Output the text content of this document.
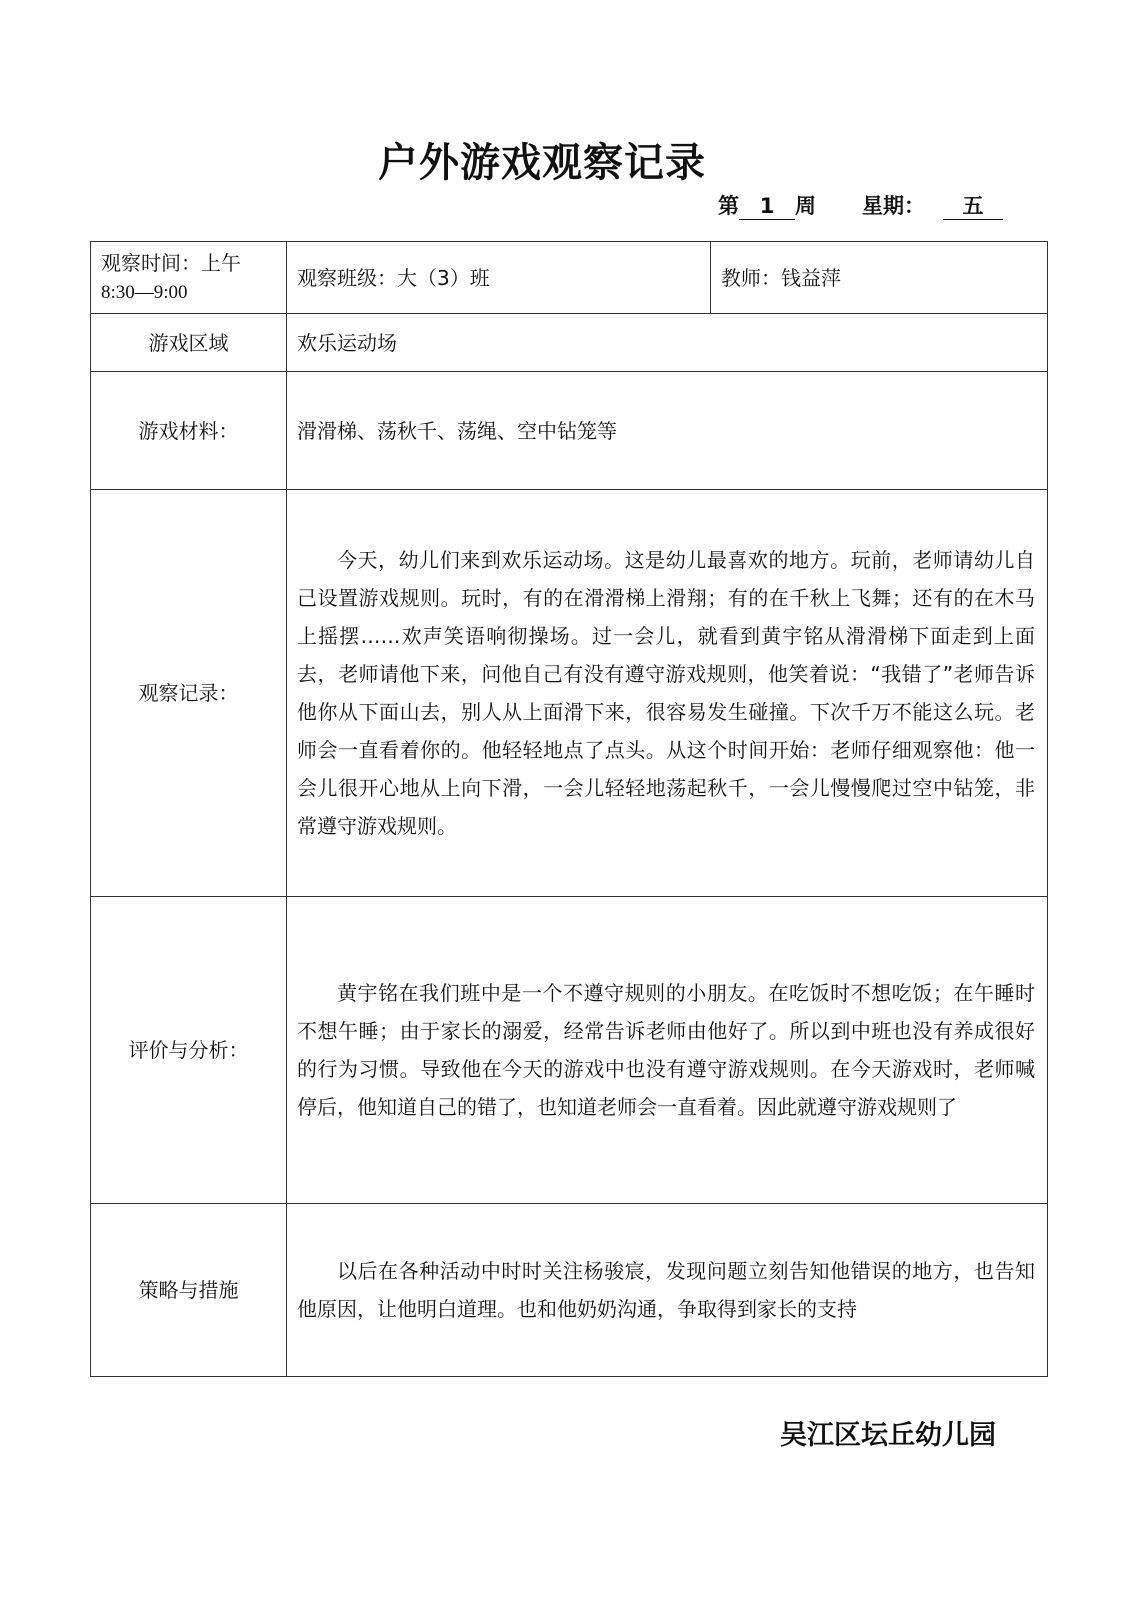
户外游戏观察记录
第 1 周 星期： 五
观察时间：上午
8:30—9:00	观察班级：大（3）班	教师：钱益萍
游戏区域	欢乐运动场	
游戏材料：	滑滑梯、荡秋千、荡绳、空中钻笼等	
观察记录：	今天，幼儿们来到欢乐运动场。这是幼儿最喜欢的地方。玩前，老师请幼儿自己设置游戏规则。玩时，有的在滑滑梯上滑翔；有的在千秋上飞舞；还有的在木马上摇摆……欢声笑语响彻操场。过一会儿，就看到黄宇铭从滑滑梯下面走到上面去，老师请他下来，问他自己有没有遵守游戏规则，他笑着说：“我错了”老师告诉他你从下面山去，别人从上面滑下来，很容易发生碰撞。下次千万不能这么玩。老师会一直看着你的。他轻轻地点了点头。从这个时间开始：老师仔细观察他：他一会儿很开心地从上向下滑，一会儿轻轻地荡起秋千，一会儿慢慢爬过空中钻笼，非常遵守游戏规则。	

评价与分析：	黄宇铭在我们班中是一个不遵守规则的小朋友。在吃饭时不想吃饭；在午睡时不想午睡；由于家长的溺爱，经常告诉老师由他好了。所以到中班也没有养成很好的行为习惯。导致他在今天的游戏中也没有遵守游戏规则。在今天游戏时，老师喊停后，他知道自己的错了，也知道老师会一直看着。因此就遵守游戏规则了	

策略与措施	以后在各种活动中时时关注杨骏宸，发现问题立刻告知他错误的地方，也告知他原因，让他明白道理。也和他奶奶沟通，争取得到家长的支持	

吴江区坛丘幼儿园
